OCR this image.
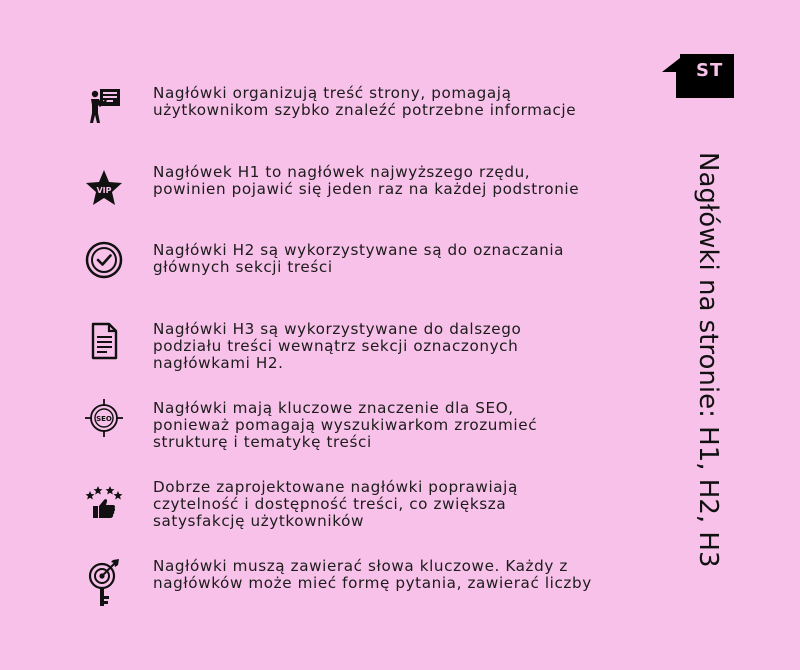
ST
Nagłówki na stronie: H1, H2, H3
Nagłówki organizują treść strony, pomagają użytkownikom szybko znaleźć potrzebne informacje
VIP
Nagłówek H1 to nagłówek najwyższego rzędu, powinien pojawić się jeden raz na każdej podstronie
Nagłówki H2 są wykorzystywane są do oznaczania głównych sekcji treści
Nagłówki H3 są wykorzystywane do dalszego podziału treści wewnątrz sekcji oznaczonych nagłówkami H2.
SEO
Nagłówki mają kluczowe znaczenie dla SEO, ponieważ pomagają wyszukiwarkom zrozumieć strukturę i tematykę treści
Dobrze zaprojektowane nagłówki poprawiają czytelność i dostępność treści, co zwiększa satysfakcję użytkowników
Nagłówki muszą zawierać słowa kluczowe. Każdy z nagłówków może mieć formę pytania, zawierać liczby
